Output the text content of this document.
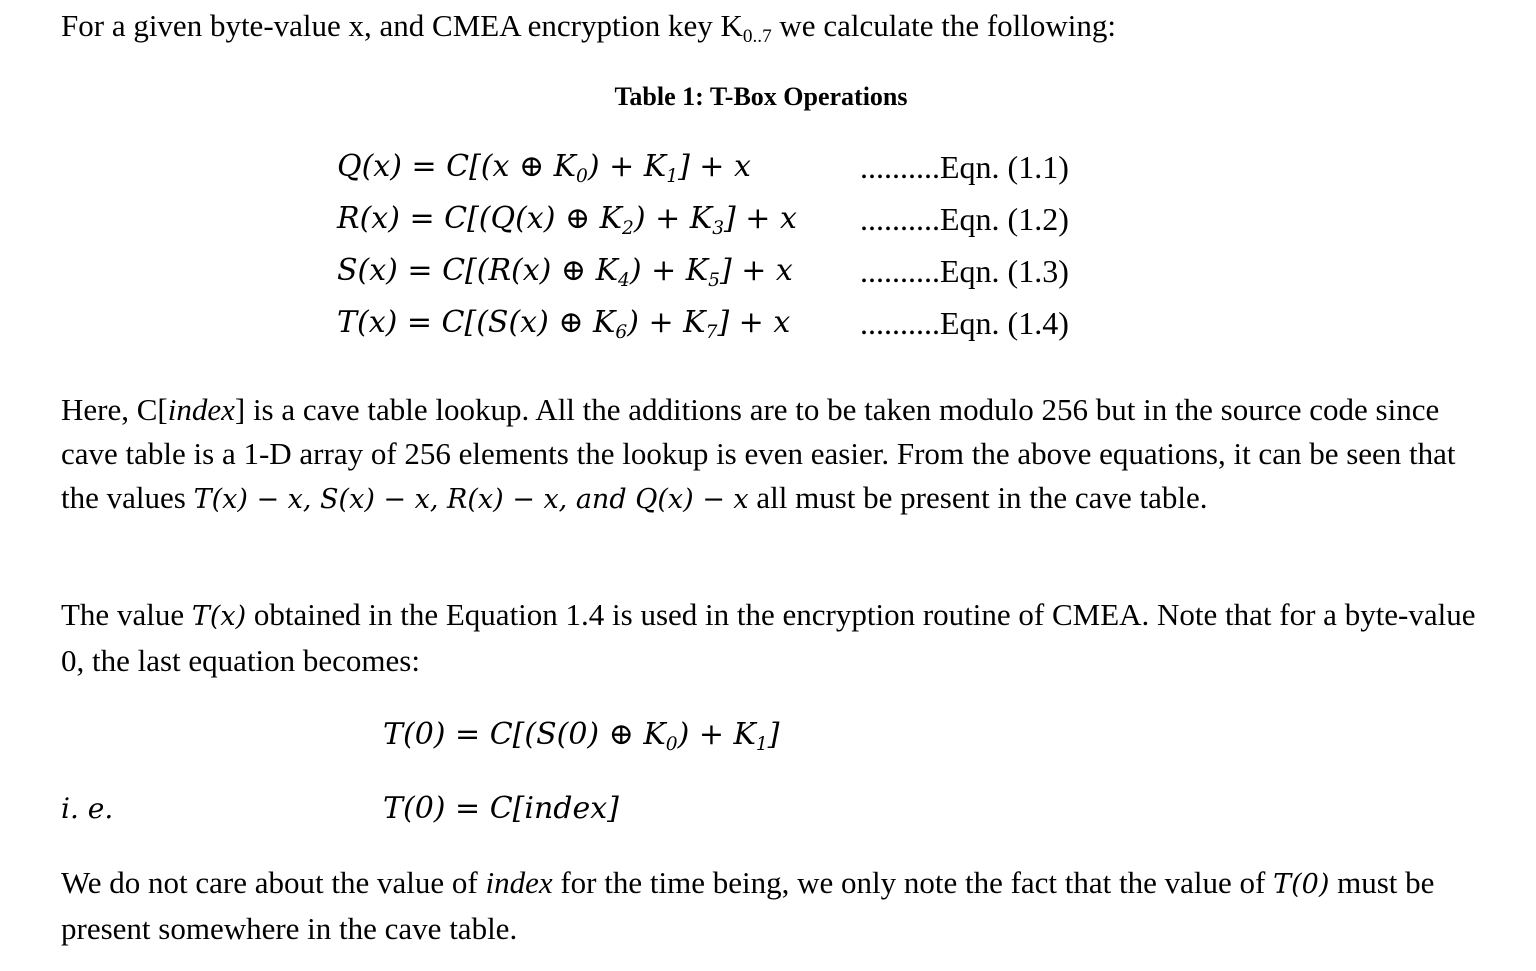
For a given byte-value x, and CMEA encryption key $K_{0..7}$ we calculate the following:

Table 1: T-Box Operations
Q(x) = C[(x ⊕ $K_0) + K_1] + x$	..........Eqn. (1.1)
R(x) = C[(Q(x) ⊕ $K_2) + K_3] + x$ ..........Eqn. (1.2)
S(x) = C[(R(x) ⊕ $K_4) + K_5] + x$ ..........Eqn. (1.3)
T(x) = C[(S(x) ⊕ $K_6) + K_7] + x$ ..........Eqn. (1.4)

Here, C[index] is a cave table lookup. All the additions are to be taken modulo 256 but in the source code since cave table is a 1-D array of 256 elements the lookup is even easier. From the above equations, it can be seen that the values T(x) − x, S(x) − x, R(x) − x, and Q(x) − x all must be present in the cave table.

The value T(x) obtained in the Equation 1.4 is used in the encryption routine of CMEA. Note that for a byte-value 0, the last equation becomes:

T(0) = C[(S(0) ⊕ $K_0) + K_1$]
i. e.	T(0) = C[index]

We do not care about the value of index for the time being, we only note the fact that the value of T(0) must be present somewhere in the cave table.
